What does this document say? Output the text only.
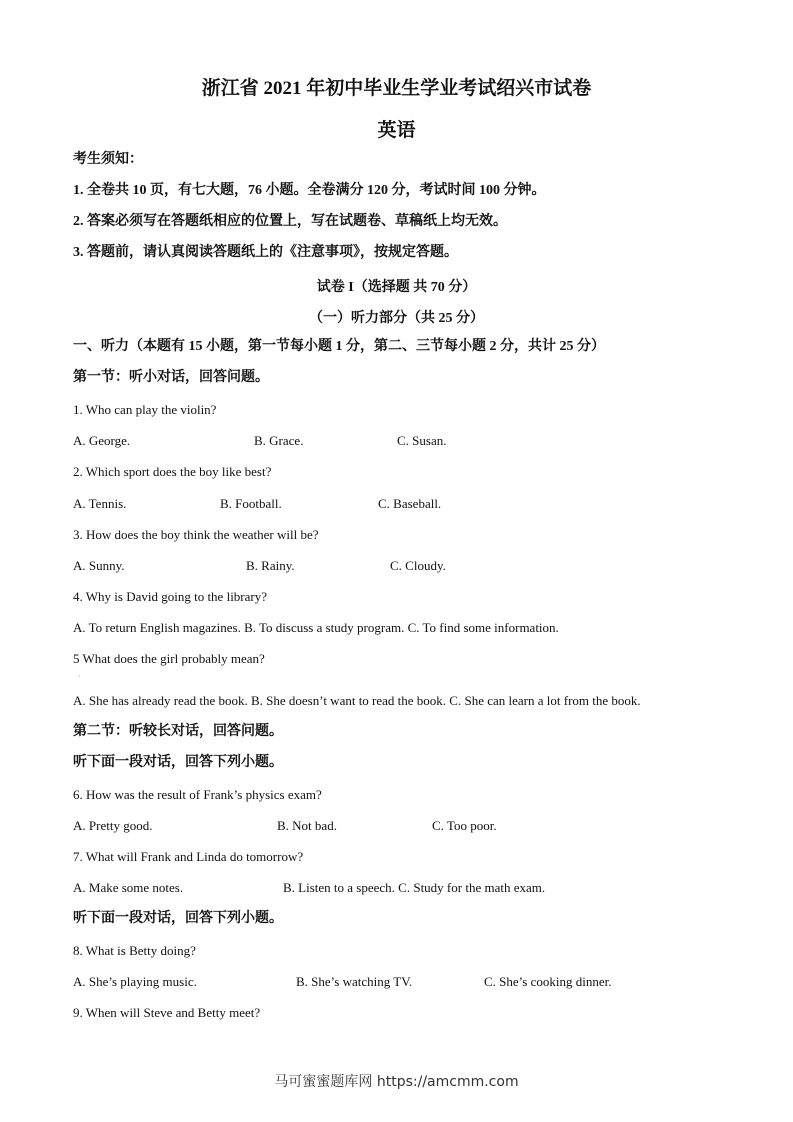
浙江省 2021 年初中毕业生学业考试绍兴市试卷
英语
考生须知：
1. 全卷共 10 页，有七大题，76 小题。全卷满分 120 分，考试时间 100 分钟。
2. 答案必须写在答题纸相应的位置上，写在试题卷、草稿纸上均无效。
3. 答题前，请认真阅读答题纸上的《注意事项》，按规定答题。
试卷 I（选择题 共 70 分）
（一）听力部分（共 25 分）
一、听力（本题有 15 小题，第一节每小题 1 分，第二、三节每小题 2 分，共计 25 分）
第一节：听小对话，回答问题。
1. Who can play the violin?
A. George.	B. Grace.	C. Susan.
2. Which sport does the boy like best?
A. Tennis.	B. Football.	C. Baseball.
3. How does the boy think the weather will be?
A. Sunny.	B. Rainy.	C. Cloudy.
4. Why is David going to the library?
A. To return English magazines. B. To discuss a study program. C. To find some information.
5 What does the girl probably mean?
·
A. She has already read the book. B. She doesn’t want to read the book. C. She can learn a lot from the book.
第二节：听较长对话，回答问题。
听下面一段对话，回答下列小题。
6. How was the result of Frank’s physics exam?
A. Pretty good.	B. Not bad.	C. Too poor.
7. What will Frank and Linda do tomorrow?
A. Make some notes.	B. Listen to a speech. C. Study for the math exam.
听下面一段对话，回答下列小题。
8. What is Betty doing?
A. She’s playing music.	B. She’s watching TV.	C. She’s cooking dinner.
9. When will Steve and Betty meet?
马可蜜蜜题库网 https://amcmm.com
